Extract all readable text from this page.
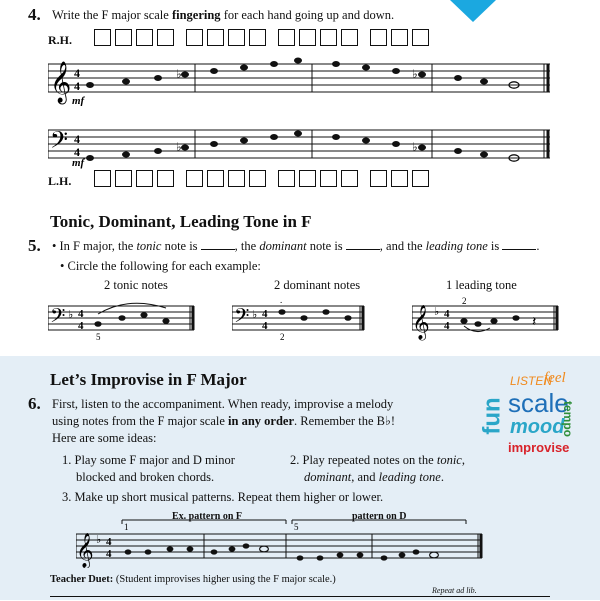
4. Write the F major scale fingering for each hand going up and down.
R.H.
𝄞 4
4
♭	♭
mf
𝄢 4
4	♭	♭
mf
L.H.
Tonic, Dominant, Leading Tone in F
5. • In F major, the tonic note is	, the dominant note is	, and the leading tone is	.
• Circle the following for each example:
2 tonic notes	2 dominant notes	1 leading tone
𝄢 ♭ 4
4
5
𝄢 ♭ 4
4
.
2	𝄞 ♭ 4
4	𝄽
2
Let’s Improvise in F Major
6. First, listen to the accompaniment. When ready, improvise a melody
using notes from the F major scale in any order. Remember the B♭!
Here are some ideas:
1. Play some F major and D minor
blocked and broken chords.
2. Play repeated notes on the tonic,
dominant, and leading tone.
3. Make up short musical patterns. Repeat them higher or lower.
Ex. pattern on F	pattern on D
𝄞 ♭ 4
4
1	5
Teacher Duet: (Student improvises higher using the F major scale.)
Repeat ad lib.
LISTEN
feel
fun scale
mood
improvise
tempo
